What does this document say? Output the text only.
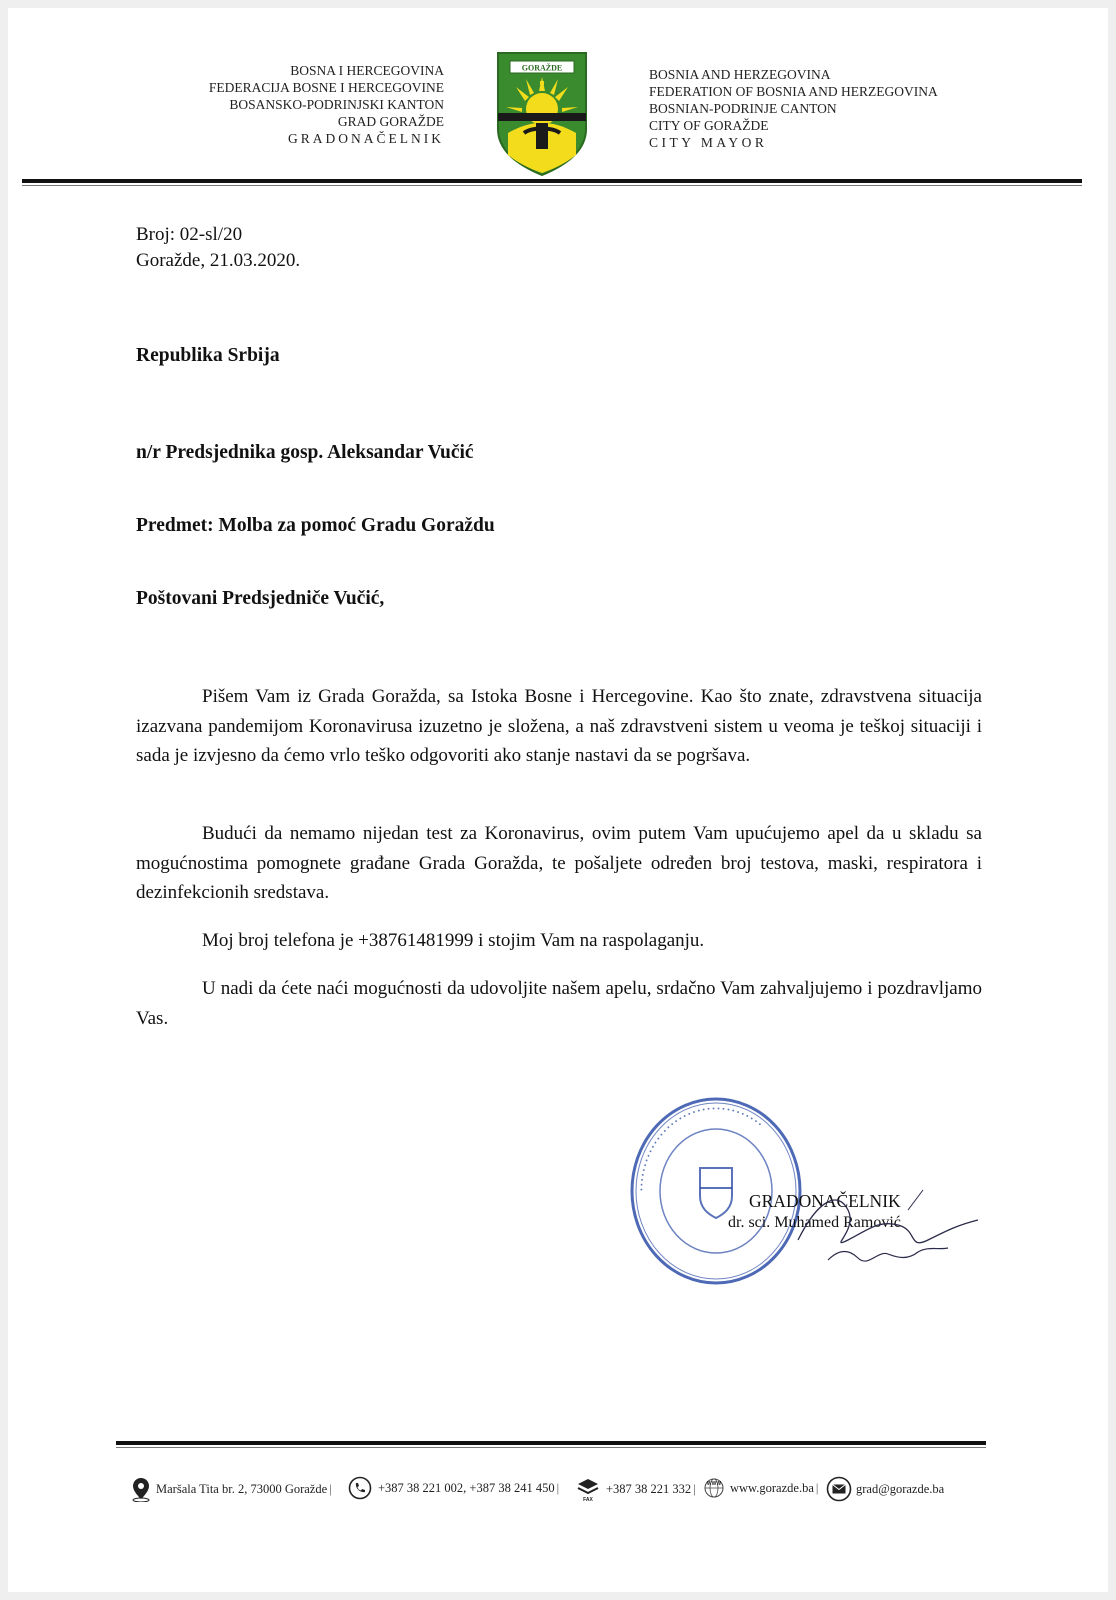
BOSNA I HERCEGOVINA
FEDERACIJA BOSNE I HERCEGOVINE
BOSANSKO-PODRINJSKI KANTON
GRAD GORAŽDE
GRADONAČELNIK
GORAŽDE	BOSNIA AND HERZEGOVINA
FEDERATION OF BOSNIA AND HERZEGOVINA
BOSNIAN-PODRINJE CANTON
CITY OF GORAŽDE
CITY MAYOR
Broj: 02-sl/20
Goražde, 21.03.2020.
Republika Srbija
n/r Predsjednika gosp. Aleksandar Vučić
Predmet: Molba za pomoć Gradu Goraždu
Poštovani Predsjedniče Vučić,

Pišem Vam iz Grada Goražda, sa Istoka Bosne i Hercegovine. Kao što znate, zdravstvena situacija izazvana pandemijom Koronavirusa izuzetno je složena, a naš zdravstveni sistem u veoma je teškoj situaciji i sada je izvjesno da ćemo vrlo teško odgovoriti ako stanje nastavi da se pogršava.

Budući da nemamo nijedan test za Koronavirus, ovim putem Vam upućujemo apel da u skladu sa mogućnostima pomognete građane Grada Goražda, te pošaljete određen broj testova, maski, respiratora i dezinfekcionih sredstava.

Moj broj telefona je +38761481999 i stojim Vam na raspolaganju.

U nadi da ćete naći mogućnosti da udovoljite našem apelu, srdačno Vam zahvaljujemo i pozdravljamo Vas.

• • • • • • • • • • • • • • • • • • • • • • • • • • • • • • • • • • •
GRADONAČELNIK
dr. sci. Muhamed Ramović
Maršala Tita br. 2, 73000 Goražde |	+387 38 221 002, +387 38 241 450 |
FAX
+387 38 221 332 |	WWW www.gorazde.ba |	grad@gorazde.ba
